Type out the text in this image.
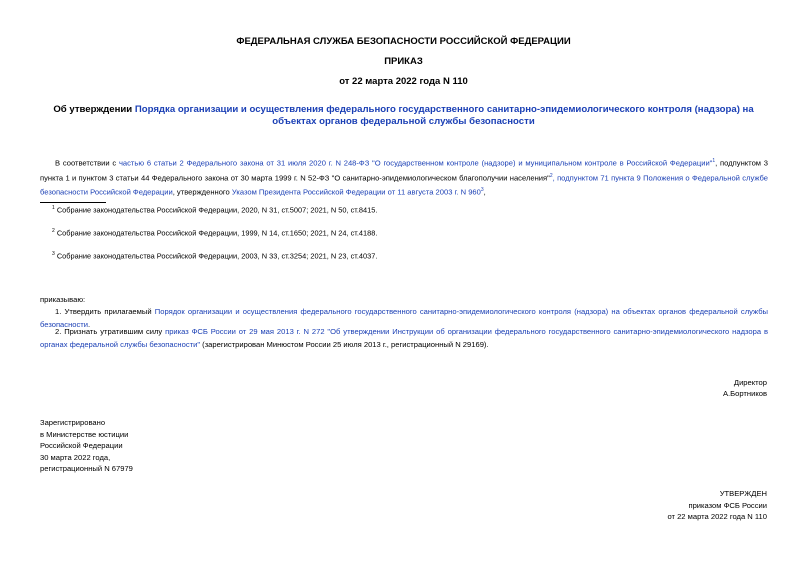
ФЕДЕРАЛЬНАЯ СЛУЖБА БЕЗОПАСНОСТИ РОССИЙСКОЙ ФЕДЕРАЦИИ
ПРИКАЗ
от 22 марта 2022 года N 110
Об утверждении Порядка организации и осуществления федерального государственного санитарно-эпидемиологического контроля (надзора) на объектах органов федеральной службы безопасности
В соответствии с частью 6 статьи 2 Федерального закона от 31 июля 2020 г. N 248-ФЗ "О государственном контроле (надзоре) и муниципальном контроле в Российской Федерации"$^1$, подпунктом 3 пункта 1 и пунктом 3 статьи 44 Федерального закона от 30 марта 1999 г. N 52-ФЗ "О санитарно-эпидемиологическом благополучии населения"$^2$, подпунктом 71 пункта 9 Положения о Федеральной службе безопасности Российской Федерации, утвержденного Указом Президента Российской Федерации от 11 августа 2003 г. N $960^3$,
$^1$ Собрание законодательства Российской Федерации, 2020, N 31, ст.5007; 2021, N 50, ст.8415.
$^2$ Собрание законодательства Российской Федерации, 1999, N 14, ст.1650; 2021, N 24, ст.4188.
$^3$ Собрание законодательства Российской Федерации, 2003, N 33, ст.3254; 2021, N 23, ст.4037.
приказываю:
1. Утвердить прилагаемый Порядок организации и осуществления федерального государственного санитарно-эпидемиологического контроля (надзора) на объектах органов федеральной службы безопасности.
2. Признать утратившим силу приказ ФСБ России от 29 мая 2013 г. N 272 "Об утверждении Инструкции об организации федерального государственного санитарно-эпидемиологического надзора в органах федеральной службы безопасности" (зарегистрирован Минюстом России 25 июля 2013 г., регистрационный N 29169).
Директор
А.Бортников
Зарегистрировано
в Министерстве юстиции
Российской Федерации
30 марта 2022 года,
регистрационный N 67979
УТВЕРЖДЕН
приказом ФСБ России
от 22 марта 2022 года N 110
